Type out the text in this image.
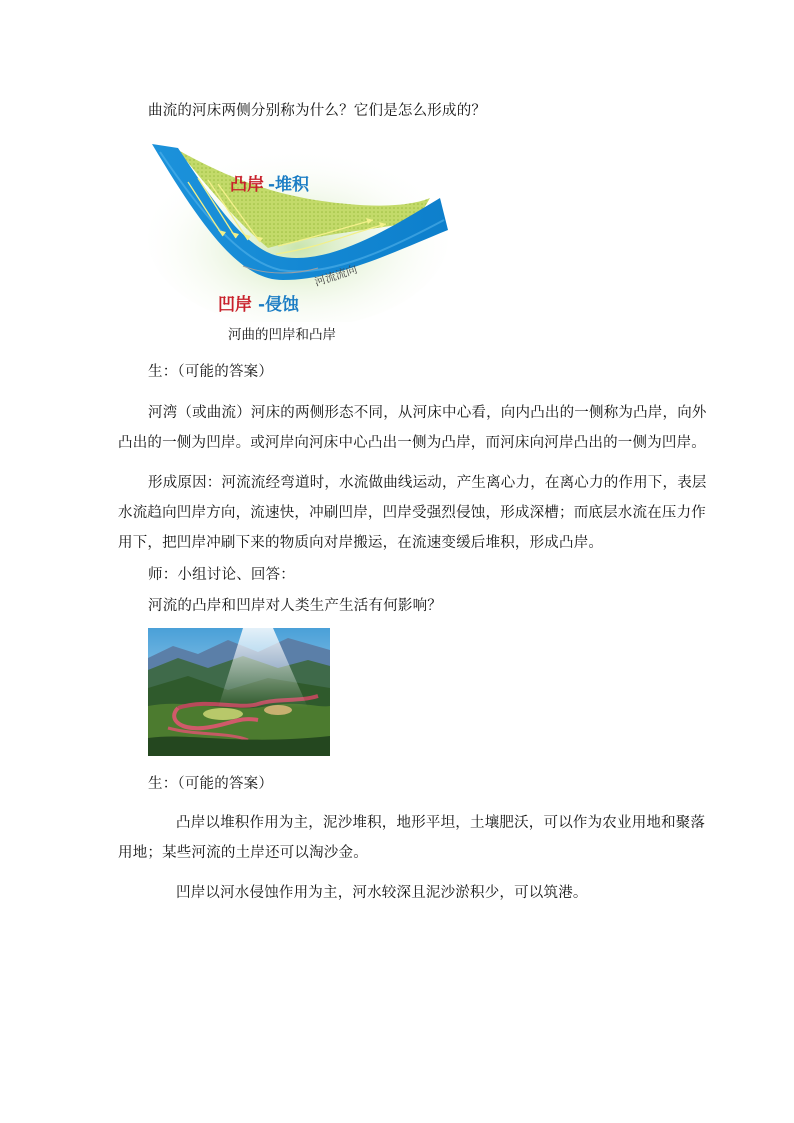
曲流的河床两侧分别称为什么？它们是怎么形成的？
河流流向
凸岸 -堆积
凹岸 -侵蚀
河曲的凹岸和凸岸
生：（可能的答案）
河湾（或曲流）河床的两侧形态不同，从河床中心看，向内凸出的一侧称为凸岸，向外
凸出的一侧为凹岸。或河岸向河床中心凸出一侧为凸岸，而河床向河岸凸出的一侧为凹岸。
形成原因：河流流经弯道时，水流做曲线运动，产生离心力，在离心力的作用下，表层
水流趋向凹岸方向，流速快，冲刷凹岸，凹岸受强烈侵蚀，形成深槽；而底层水流在压力作
用下，把凹岸冲刷下来的物质向对岸搬运，在流速变缓后堆积，形成凸岸。
师：小组讨论、回答：
河流的凸岸和凹岸对人类生产生活有何影响？
生：（可能的答案）
凸岸以堆积作用为主，泥沙堆积，地形平坦，土壤肥沃，可以作为农业用地和聚落
用地；某些河流的土岸还可以淘沙金。
凹岸以河水侵蚀作用为主，河水较深且泥沙淤积少，可以筑港。
